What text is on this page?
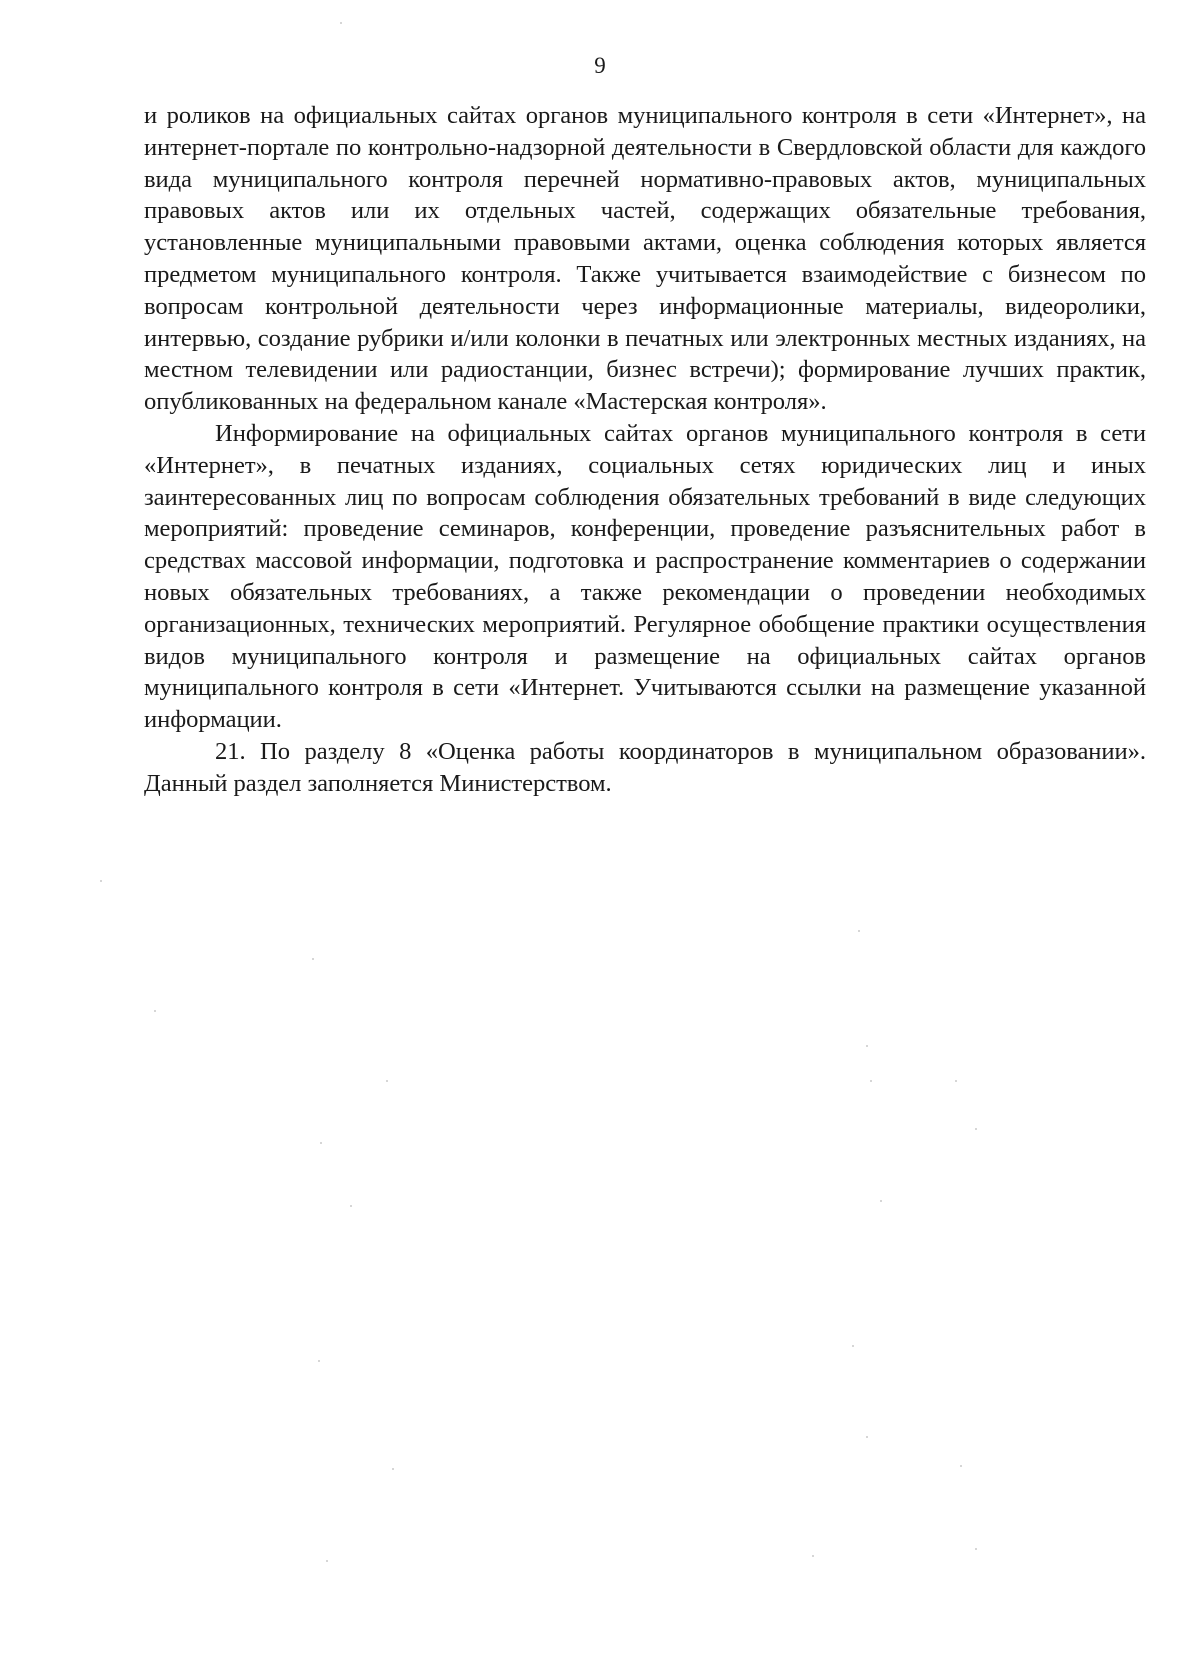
9

и роликов на официальных сайтах органов муниципального контроля в сети «Интернет», на интернет-портале по контрольно-надзорной деятельности в Свердловской области для каждого вида муниципального контроля перечней нормативно-правовых актов, муниципальных правовых актов или их отдельных частей, содержащих обязательные требования, установленные муниципальными правовыми актами, оценка соблюдения которых является предметом муниципального контроля. Также учитывается взаимодействие с бизнесом по вопросам контрольной деятельности через информационные материалы, видеоролики, интервью, создание рубрики и/или колонки в печатных или электронных местных изданиях, на местном телевидении или радиостанции, бизнес встречи); формирование лучших практик, опубликованных на федеральном канале «Мастерская контроля».

Информирование на официальных сайтах органов муниципального контроля в сети «Интернет», в печатных изданиях, социальных сетях юридических лиц и иных заинтересованных лиц по вопросам соблюдения обязательных требований в виде следующих мероприятий: проведение семинаров, конференции, проведение разъяснительных работ в средствах массовой информации, подготовка и распространение комментариев о содержании новых обязательных требованиях, а также рекомендации о проведении необходимых организационных, технических мероприятий. Регулярное обобщение практики осуществления видов муниципального контроля и размещение на официальных сайтах органов муниципального контроля в сети «Интернет. Учитываются ссылки на размещение указанной информации.

21. По разделу 8 «Оценка работы координаторов в муниципальном образовании». Данный раздел заполняется Министерством.
